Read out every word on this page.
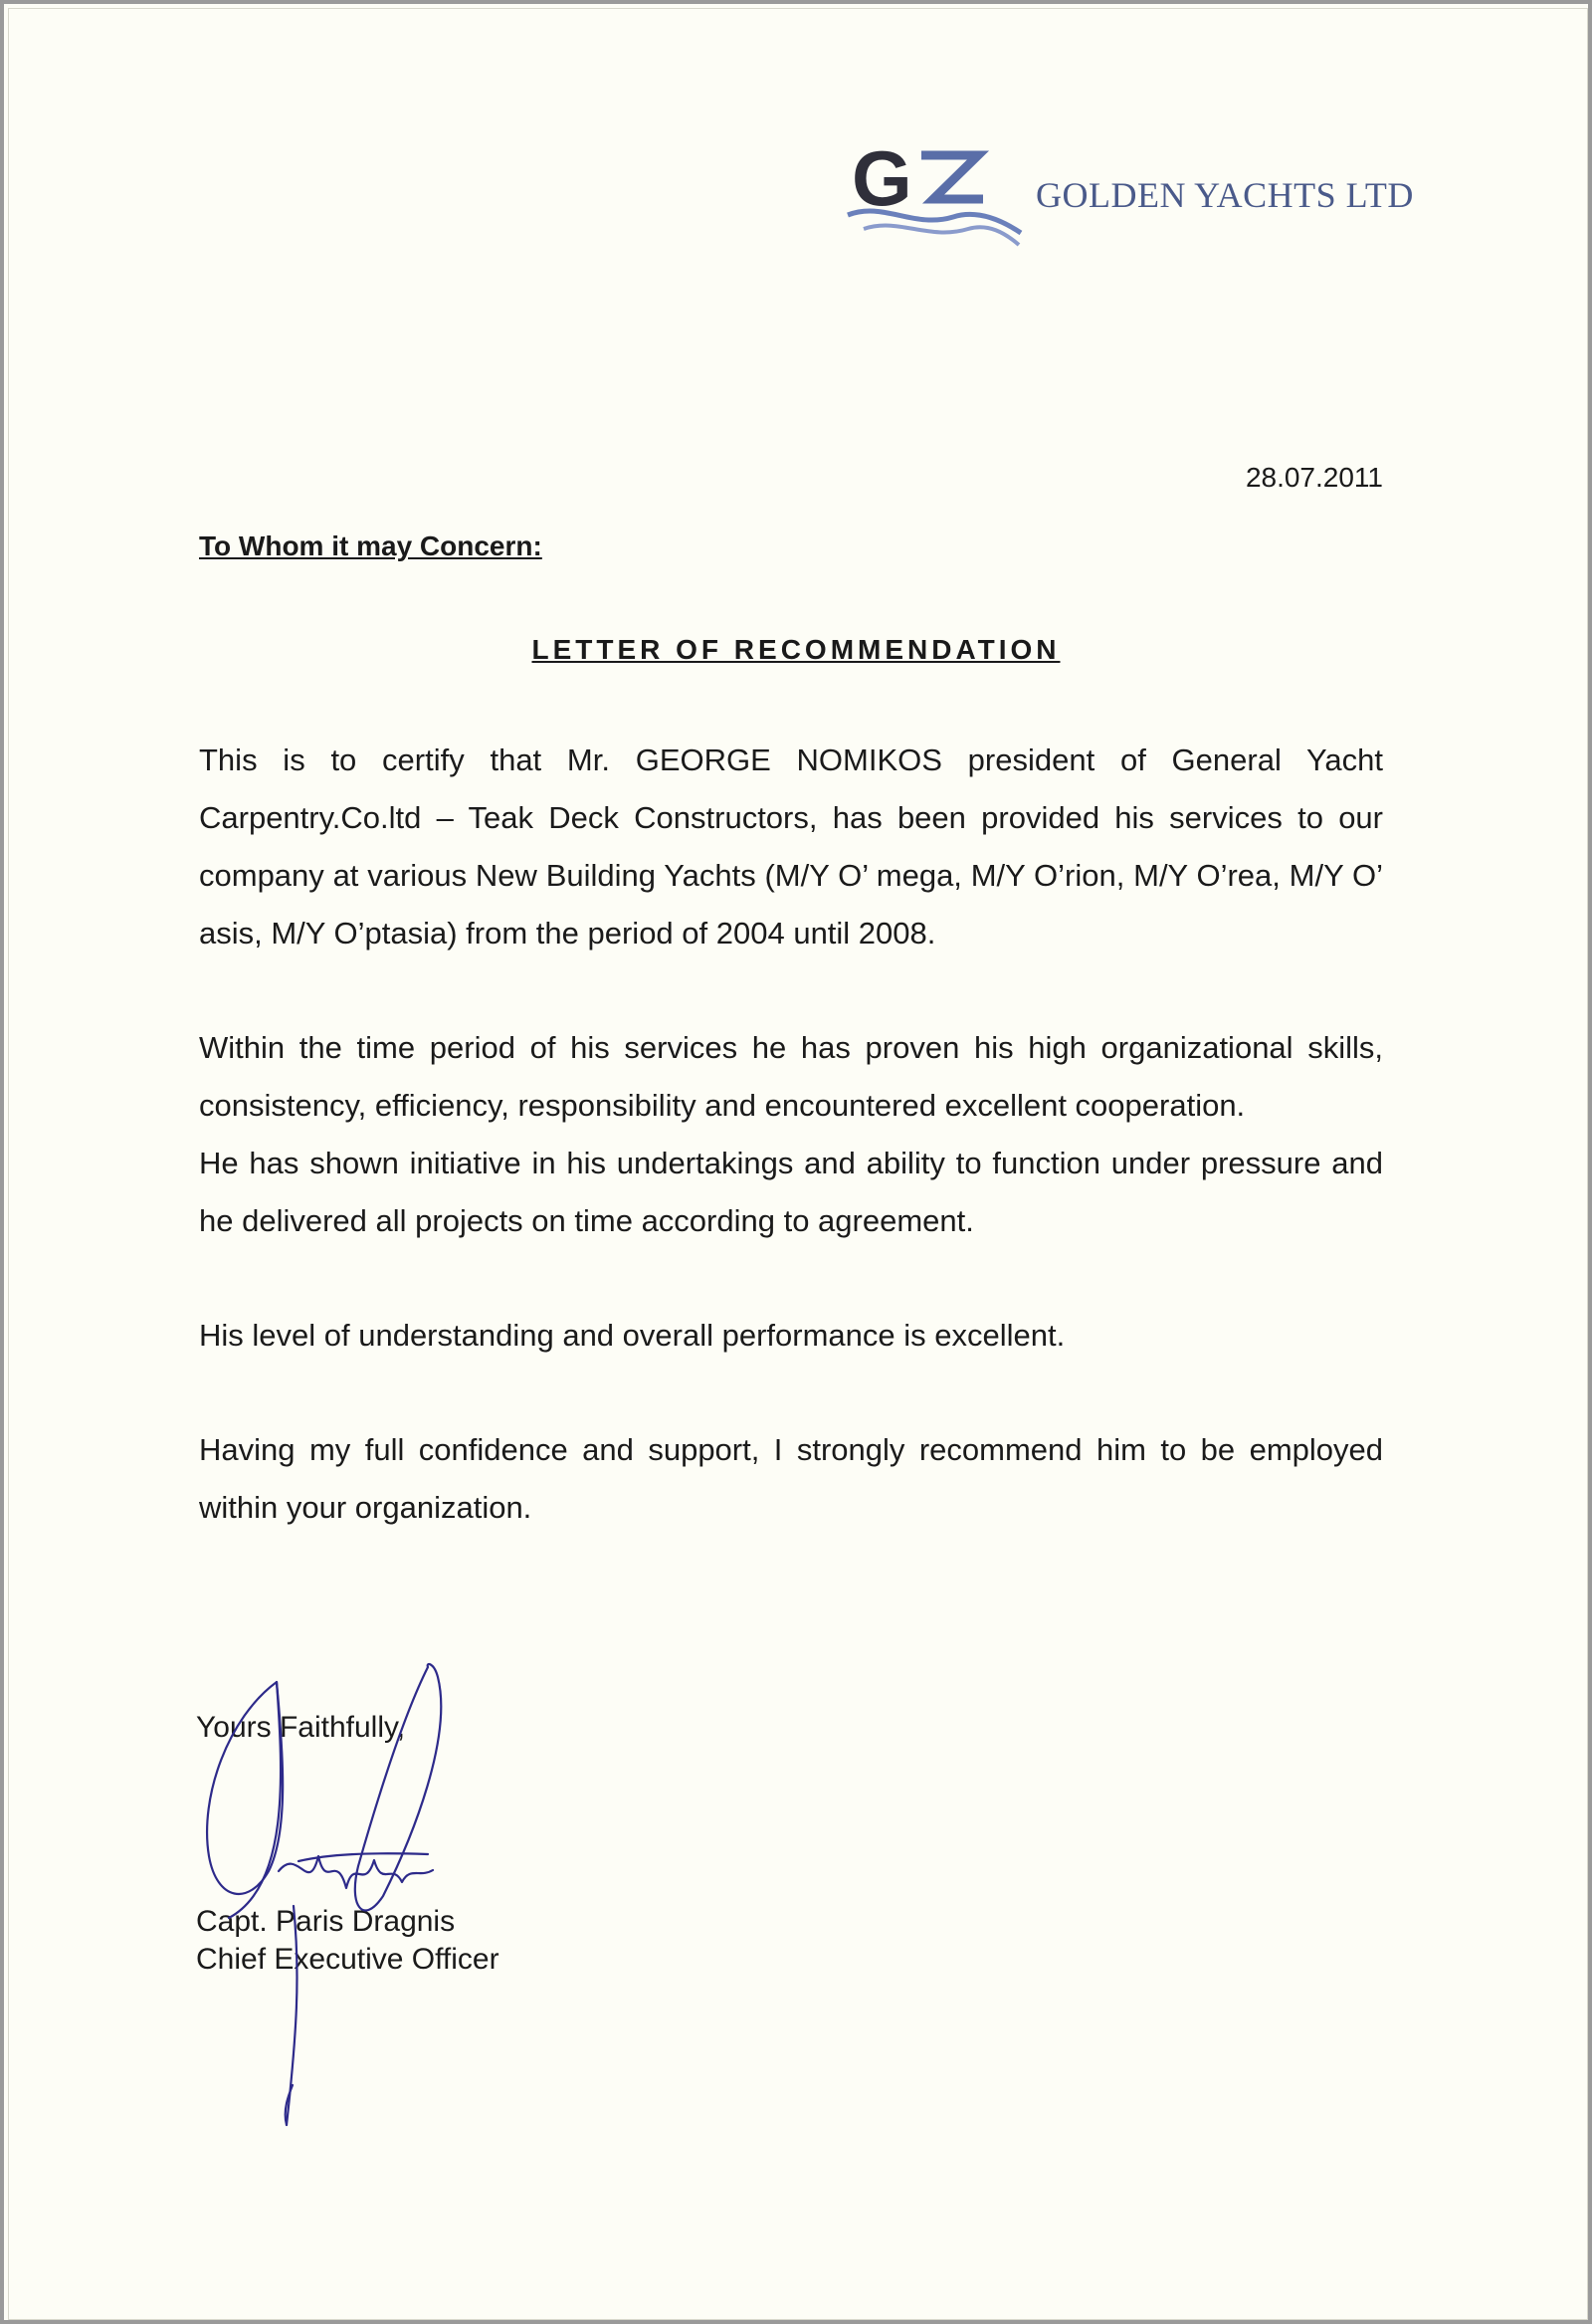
G	GOLDEN YACHTS LTD
28.07.2011
To Whom it may Concern:
LETTER OF RECOMMENDATION

This is to certify that Mr. GEORGE NOMIKOS president of General Yacht Carpentry.Co.ltd – Teak Deck Constructors, has been provided his services to our company at various New Building Yachts (M/Y O’ mega, M/Y O’rion, M/Y O’rea, M/Y O’ asis, M/Y O’ptasia) from the period of 2004 until 2008.

Within the time period of his services he has proven his high organizational skills, consistency, efficiency, responsibility and encountered excellent cooperation.

He has shown initiative in his undertakings and ability to function under pressure and he delivered all projects on time according to agreement.

His level of understanding and overall performance is excellent.

Having my full confidence and support, I strongly recommend him to be employed within your organization.

Yours Faithfully,
Capt. Paris Dragnis
Chief Executive Officer
